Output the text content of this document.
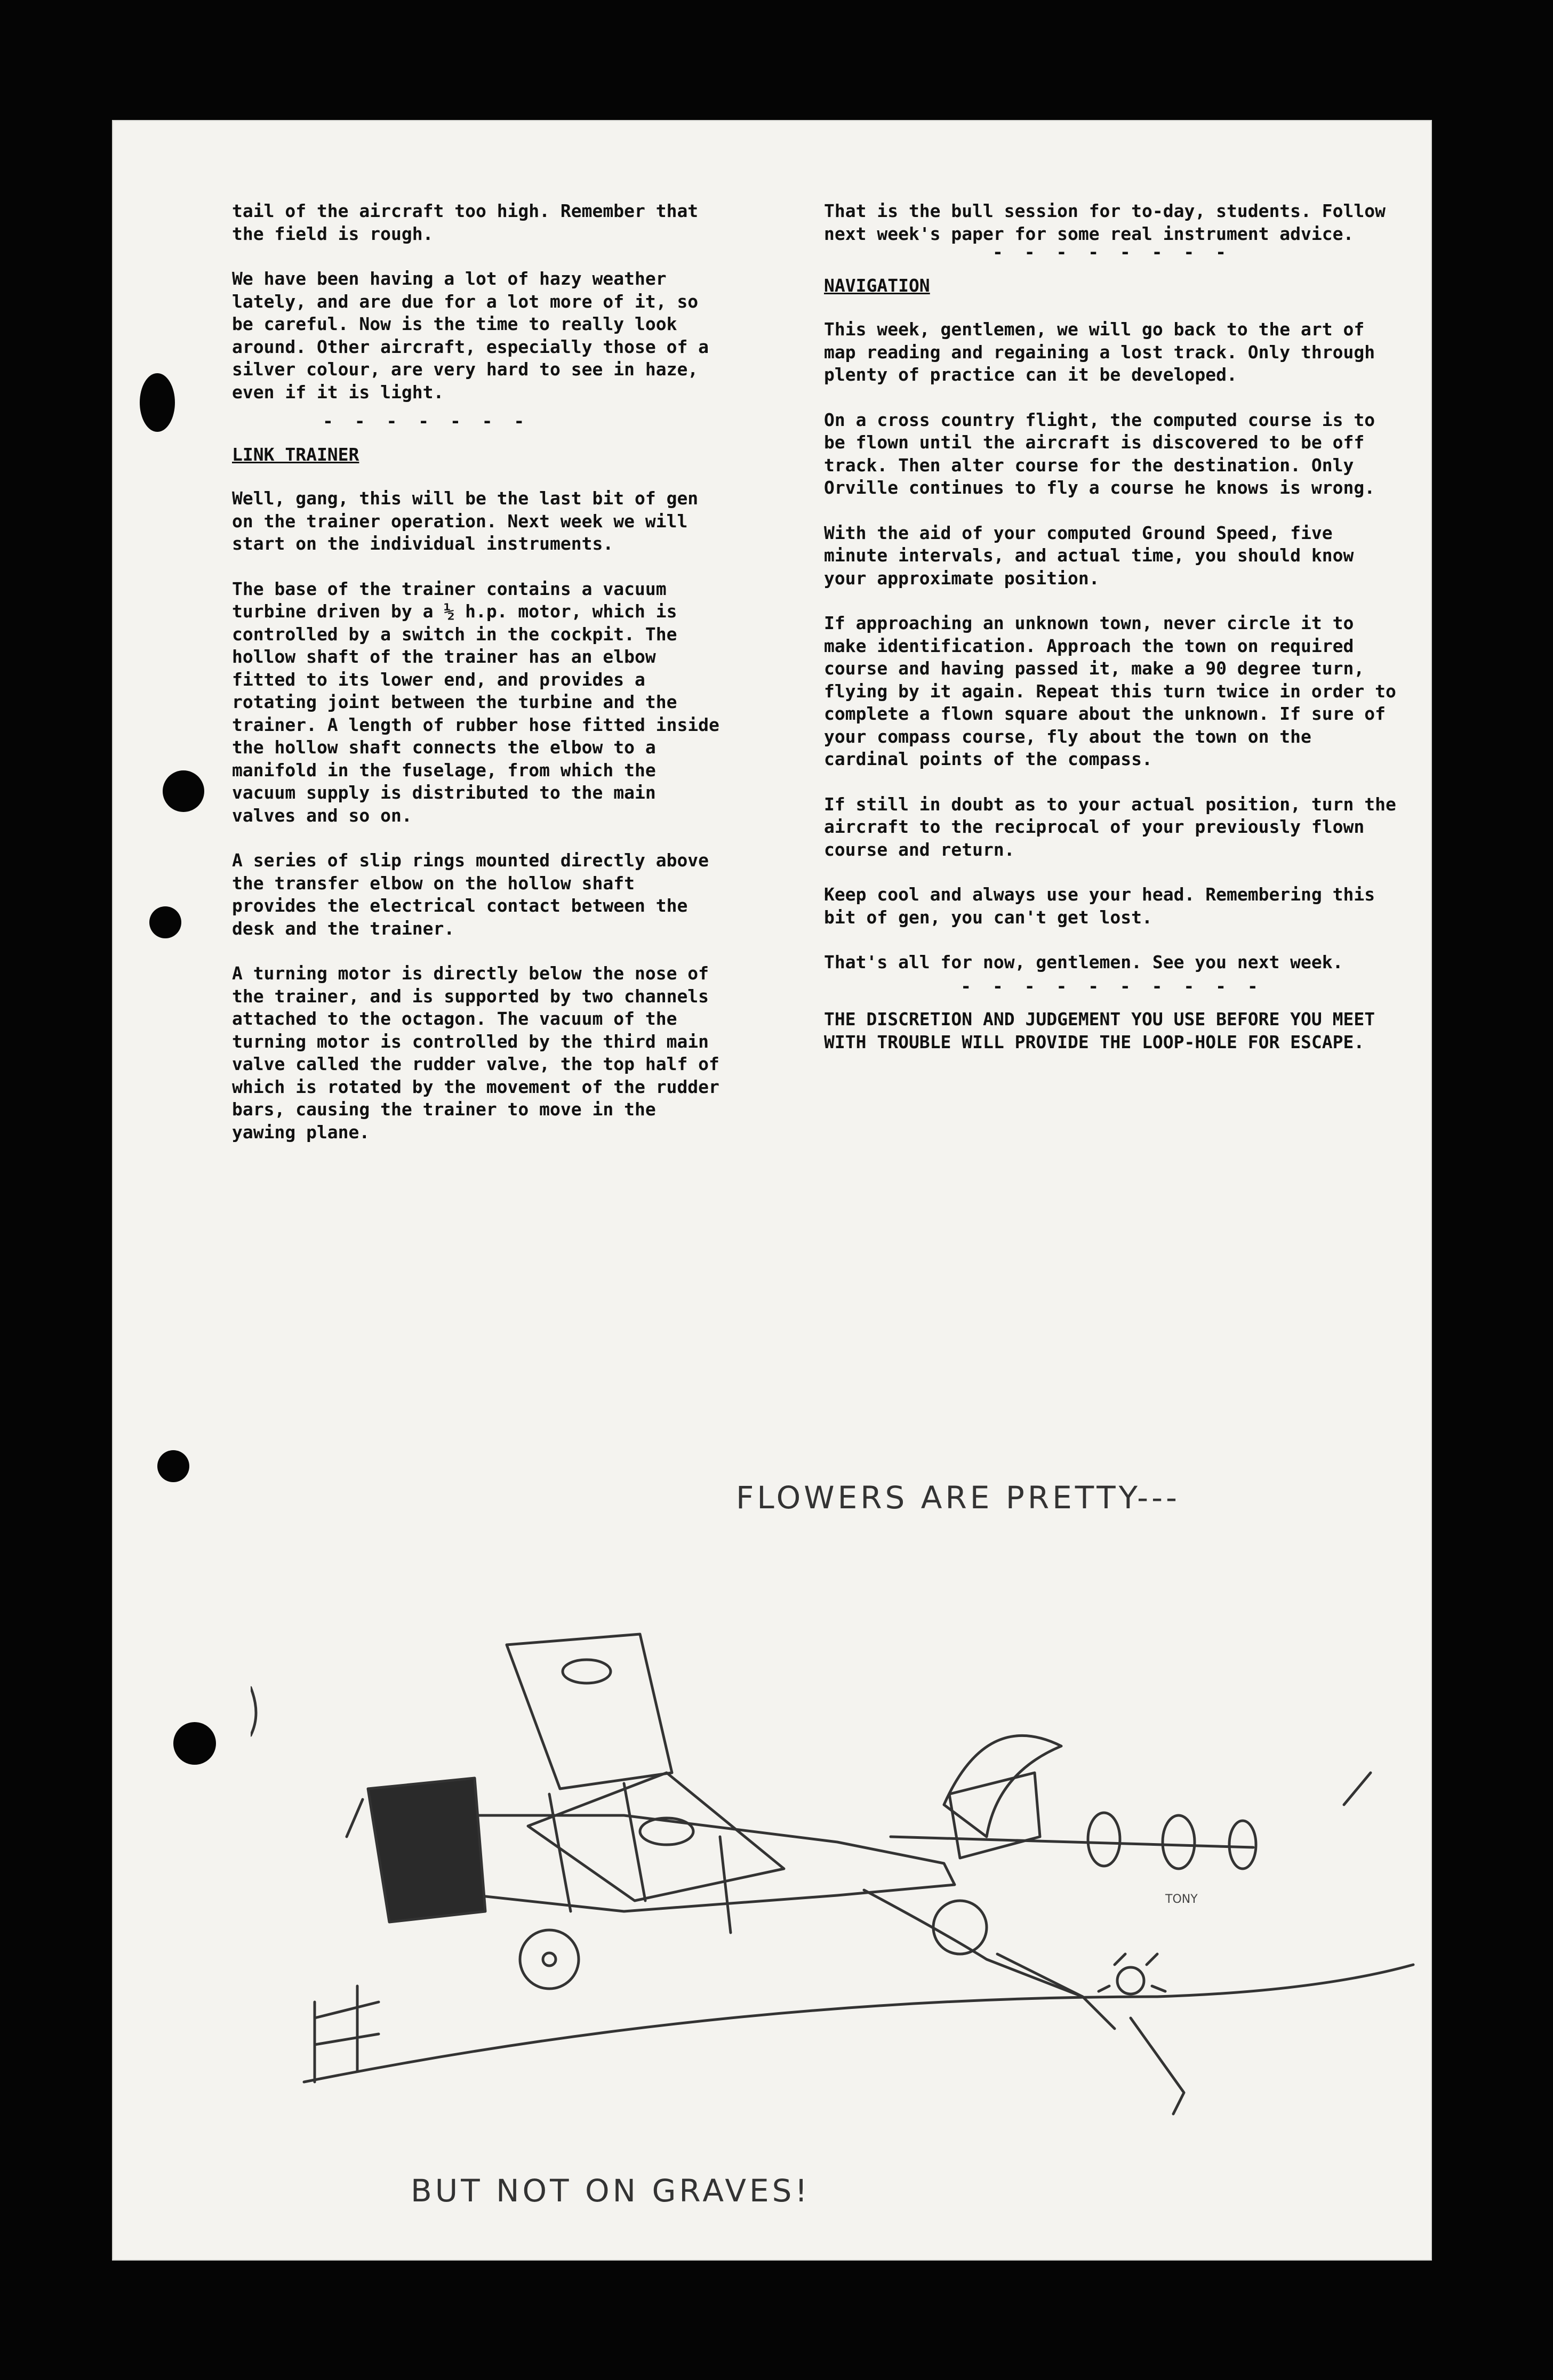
tail of the aircraft too high. Remember that the field is rough.
We have been having a lot of hazy weather lately, and are due for a lot more of it, so be careful. Now is the time to really look around. Other aircraft, especially those of a silver colour, are very hard to see in haze, even if it is light.
- - - - - - -
LINK TRAINER
Well, gang, this will be the last bit of gen on the trainer operation. Next week we will start on the individual instruments.
The base of the trainer contains a vacuum turbine driven by a ½ h.p. motor, which is controlled by a switch in the cockpit. The hollow shaft of the trainer has an elbow fitted to its lower end, and provides a rotating joint between the turbine and the trainer. A length of rubber hose fitted inside the hollow shaft connects the elbow to a manifold in the fuselage, from which the vacuum supply is distributed to the main valves and so on.
A series of slip rings mounted directly above the transfer elbow on the hollow shaft provides the electrical contact between the desk and the trainer.
A turning motor is directly below the nose of the trainer, and is supported by two channels attached to the octagon. The vacuum of the turning motor is controlled by the third main valve called the rudder valve, the top half of which is rotated by the movement of the rudder bars, causing the trainer to move in the yawing plane.
That is the bull session for to-day, students. Follow next week's paper for some real instrument advice.
- - - - - - - -
NAVIGATION
This week, gentlemen, we will go back to the art of map reading and regaining a lost track. Only through plenty of practice can it be developed.
On a cross country flight, the computed course is to be flown until the aircraft is discovered to be off track. Then alter course for the destination. Only Orville continues to fly a course he knows is wrong.
With the aid of your computed Ground Speed, five minute intervals, and actual time, you should know your approximate position.
If approaching an unknown town, never circle it to make identification. Approach the town on required course and having passed it, make a 90 degree turn, flying by it again. Repeat this turn twice in order to complete a flown square about the unknown. If sure of your compass course, fly about the town on the cardinal points of the compass.
If still in doubt as to your actual position, turn the aircraft to the reciprocal of your previously flown course and return.
Keep cool and always use your head. Remembering this bit of gen, you can't get lost.
That's all for now, gentlemen. See you next week.
- - - - - - - - - -
THE DISCRETION AND JUDGEMENT YOU USE BEFORE YOU MEET WITH TROUBLE WILL PROVIDE THE LOOP-HOLE FOR ESCAPE.
FLOWERS ARE PRETTY---
TONY
BUT NOT ON GRAVES!
